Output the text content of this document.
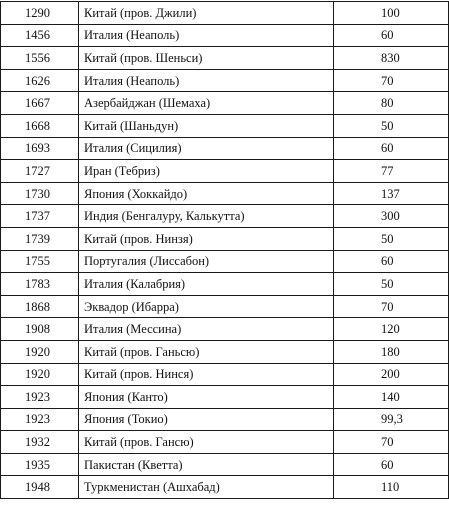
1290	Китай (пров. Джили)	100
1456	Италия (Неаполь)	60
1556	Китай (пров. Шеньси)	830
1626	Италия (Неаполь)	70
1667	Азербайджан (Шемаха)	80
1668	Китай (Шаньдун)	50
1693	Италия (Сицилия)	60
1727	Иран (Тебриз)	77
1730	Япония (Хоккайдо)	137
1737	Индия (Бенгалуру, Калькутта)	300
1739	Китай (пров. Нинзя)	50
1755	Португалия (Лиссабон)	60
1783	Италия (Калабрия)	50
1868	Эквадор (Ибарра)	70
1908	Италия (Мессина)	120
1920	Китай (пров. Ганьсю)	180
1920	Китай (пров. Нинся)	200
1923	Япония (Канто)	140
1923	Япония (Токио)	99,3
1932	Китай (пров. Гансю)	70
1935	Пакистан (Кветта)	60
1948	Туркменистан (Ашхабад)	110
